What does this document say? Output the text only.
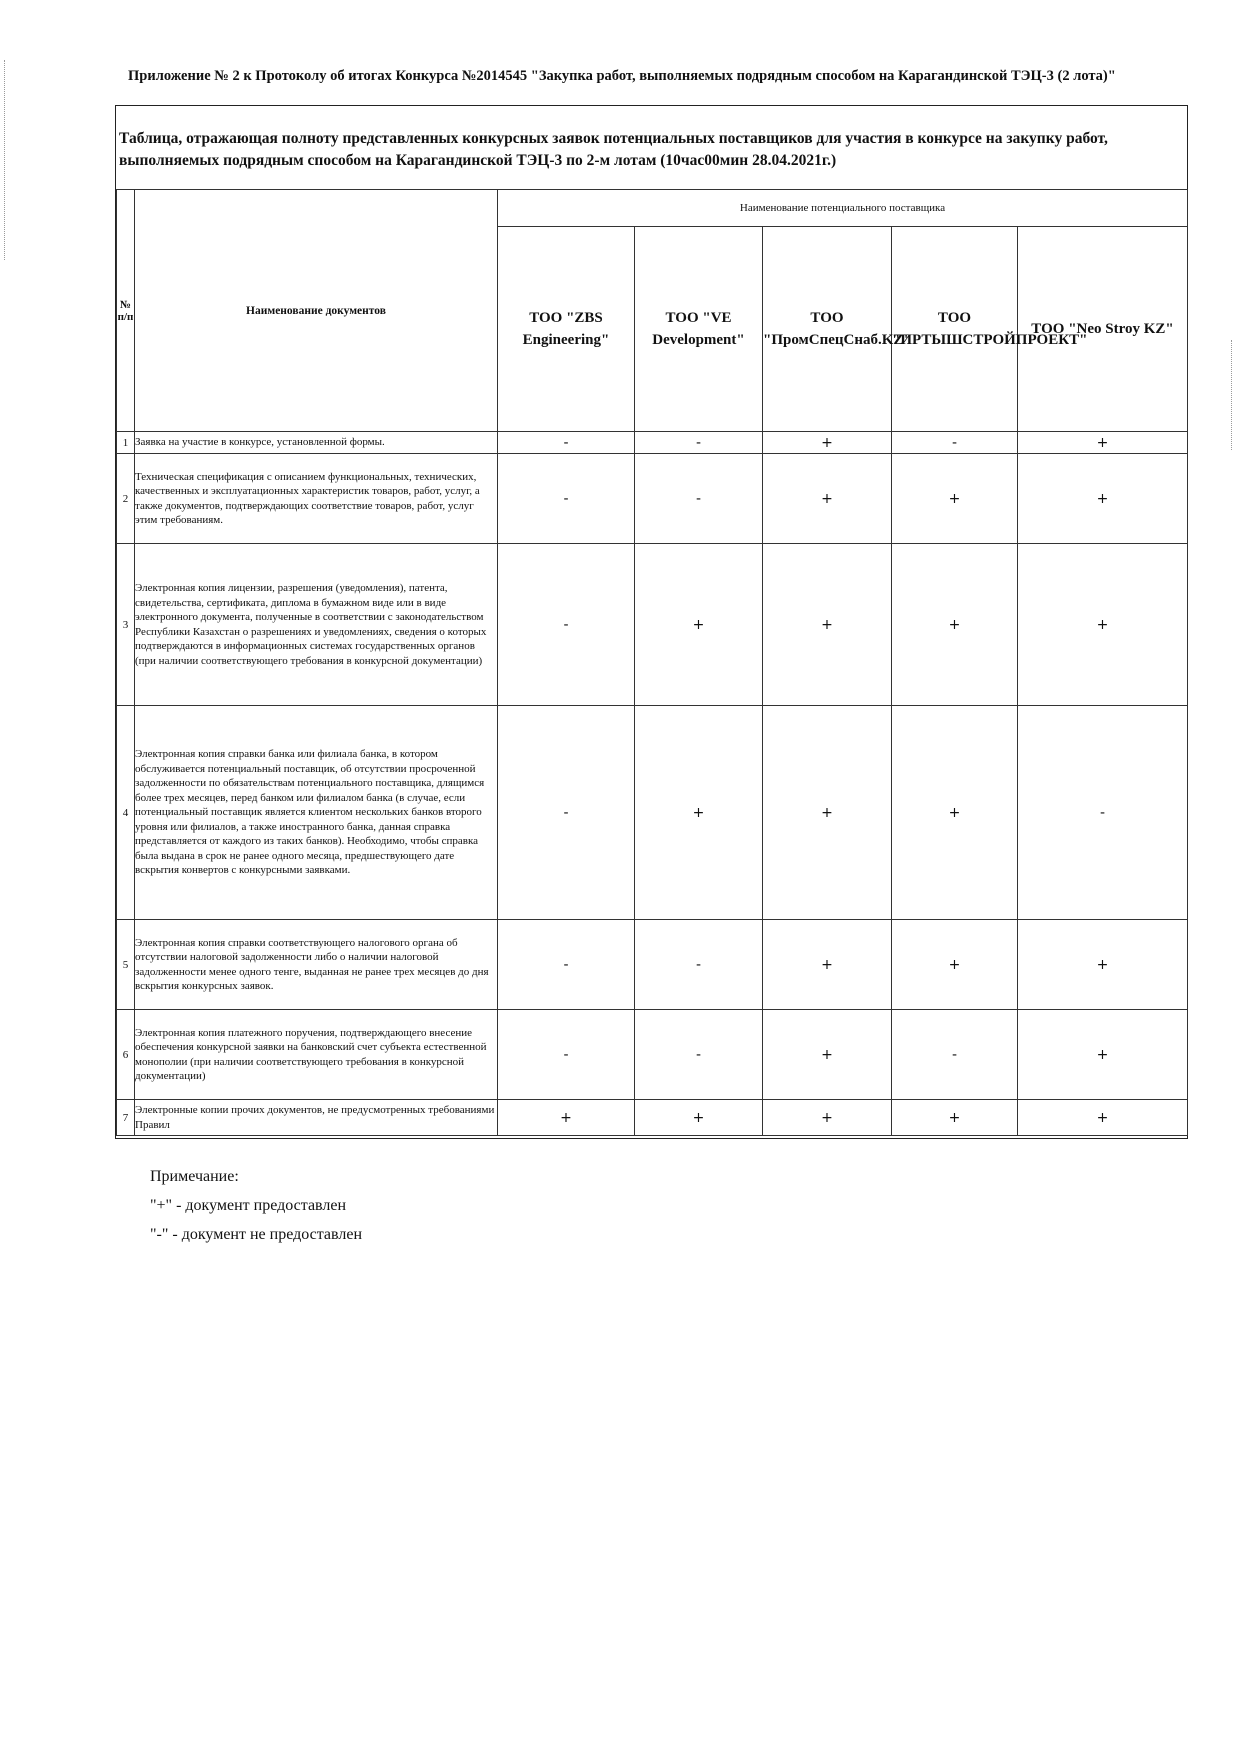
Приложение № 2 к Протоколу об итогах Конкурса №2014545 "Закупка работ, выполняемых подрядным способом на Карагандинской ТЭЦ-3 (2 лота)"
Таблица, отражающая полноту представленных конкурсных заявок потенциальных поставщиков для участия в конкурсе на закупку работ, выполняемых подрядным способом на Карагандинской ТЭЦ-3 по 2-м лотам (10час00мин 28.04.2021г.)
№ п/п	Наименование документов	Наименование потенциального поставщика				
		ТОО "ZBS Engineering"	ТОО "VE Development"	ТОО "ПромСпецСнаб.KZ"	ТОО "ИРТЫШСТРОЙПРОЕКТ"	ТОО "Neo Stroy KZ"
1	Заявка на участие в конкурсе, установленной формы.	-	-	+	-	+
2	Техническая спецификация с описанием функциональных, технических, качественных и эксплуатационных характеристик товаров, работ, услуг, а также документов, подтверждающих соответствие товаров, работ, услуг этим требованиям.	-	-	+	+	+
3	Электронная копия лицензии, разрешения (уведомления), патента, свидетельства, сертификата, диплома в бумажном виде или в виде электронного документа, полученные в соответствии с законодательством Республики Казахстан о разрешениях и уведомлениях, сведения о которых подтверждаются в информационных системах государственных органов (при наличии соответствующего требования в конкурсной документации)	-	+	+	+	+
4	Электронная копия справки банка или филиала банка, в котором обслуживается потенциальный поставщик, об отсутствии просроченной задолженности по обязательствам потенциального поставщика, длящимся более трех месяцев, перед банком или филиалом банка (в случае, если потенциальный поставщик является клиентом нескольких банков второго уровня или филиалов, а также иностранного банка, данная справка представляется от каждого из таких банков). Необходимо, чтобы справка была выдана в срок не ранее одного месяца, предшествующего дате вскрытия конвертов с конкурсными заявками.	-	+	+	+	-
5	Электронная копия справки соответствующего налогового органа об отсутствии налоговой задолженности либо о наличии налоговой задолженности менее одного тенге, выданная не ранее трех месяцев до дня вскрытия конкурсных заявок.	-	-	+	+	+
6	Электронная копия платежного поручения, подтверждающего внесение обеспечения конкурсной заявки на банковский счет субъекта естественной монополии (при наличии соответствующего требования в конкурсной документации)	-	-	+	-	+
7	Электронные копии прочих документов, не предусмотренных требованиями Правил	+	+	+	+	+
Примечание:
"+" - документ предоставлен
"-" - документ не предоставлен
